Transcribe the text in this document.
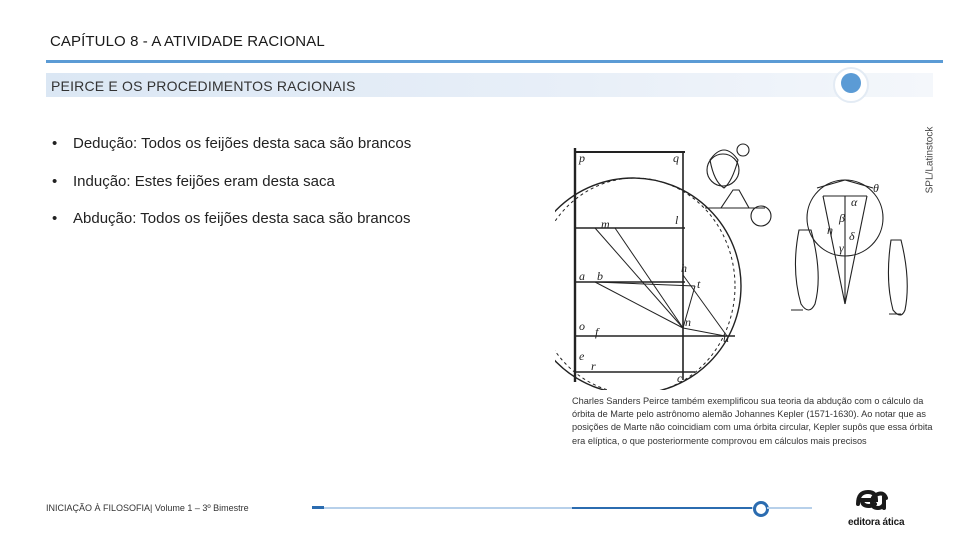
CAPÍTULO 8 - A ATIVIDADE RACIONAL
PEIRCE E OS PROCEDIMENTOS RACIONAIS
SPL/Latinstock
• Dedução: Todos os feijões desta saca são brancos
• Indução: Estes feijões eram desta saca
• Abdução: Todos os feijões desta saca são brancos
p	q
m	l
h
t
n
a b
o
e
f	u
r
c
θ
β
α
η
γ
δ
Charles Sanders Peirce também exemplificou sua teoria da abdução com o cálculo da órbita de Marte pelo astrônomo alemão Johannes Kepler (1571-1630). Ao notar que as posições de Marte não coincidiam com uma órbita circular, Kepler supôs que essa órbita era elíptica, o que posteriormente comprovou em cálculos mais precisos
INICIAÇÃO À FILOSOFIA| Volume 1 – 3º Bimestre
editora ática
